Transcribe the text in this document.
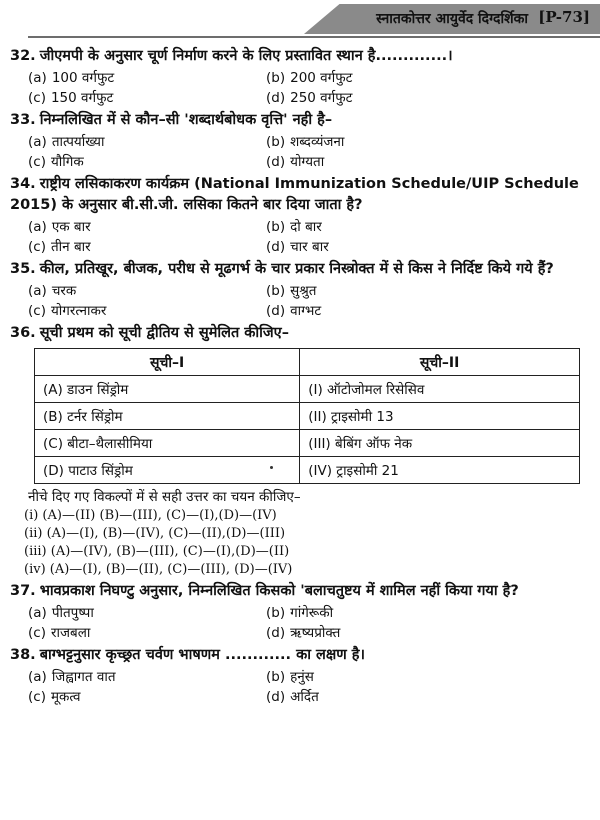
स्नातकोत्तर आयुर्वेद दिग्दर्शिका [P-73]
32. जीएमपी के अनुसार चूर्ण निर्माण करने के लिए प्रस्तावित स्थान है.............।
(a) 100 वर्गफुट	(b) 200 वर्गफुट
(c) 150 वर्गफुट	(d) 250 वर्गफुट
33. निम्नलिखित में से कौन–सी 'शब्दार्थबोधक वृत्ति' नही है–
(a) तात्पर्याख्या	(b) शब्दव्यंजना
(c) यौगिक	(d) योग्यता
34. राष्ट्रीय लसिकाकरण कार्यक्रम (National Immunization Schedule/UIP Schedule 2015) के अनुसार बी.सी.जी. लसिका कितने बार दिया जाता है?
(a) एक बार	(b) दो बार
(c) तीन बार	(d) चार बार
35. कील, प्रतिखूर, बीजक, परीध से मूढगर्भ के चार प्रकार निस्त्रोक्त में से किस ने निर्दिष्ट किये गये हैं?
(a) चरक	(b) सुश्रुत
(c) योगरत्नाकर	(d) वाग्भट
36. सूची प्रथम को सूची द्वीतिय से सुमेलित कीजिए–
सूची–I	सूची–II
(A) डाउन सिंड्रोम	(I) ऑटोजोमल रिसेसिव
(B) टर्नर सिंड्रोम	(II) ट्राइसोमी 13
(C) बीटा–थैलासीमिया	(III) बेबिंग ऑफ नेक
(D) पाटाउ सिंड्रोम	(IV) ट्राइसोमी 21
नीचे दिए गए विकल्पों में से सही उत्तर का चयन कीजिए–
(i) (A)—(II) (B)—(III), (C)—(I),(D)—(IV)
(ii) (A)—(I), (B)—(IV), (C)—(II),(D)—(III)
(iii) (A)—(IV), (B)—(III), (C)—(I),(D)—(II)
(iv) (A)—(I), (B)—(II), (C)—(III), (D)—(IV)
37. भावप्रकाश निघण्टु अनुसार, निम्नलिखित किसको 'बलाचतुष्टय में शामिल नहीं किया गया है?
(a) पीतपुष्पा	(b) गांगेरूकी
(c) राजबला	(d) ऋष्यप्रोक्त
38. बाग्भट्टनुसार कृच्छ्रत चर्वण भाषणम ............ का लक्षण है।
(a) जिह्वागत वात	(b) हनुंस
(c) मूकत्व	(d) अर्दित
